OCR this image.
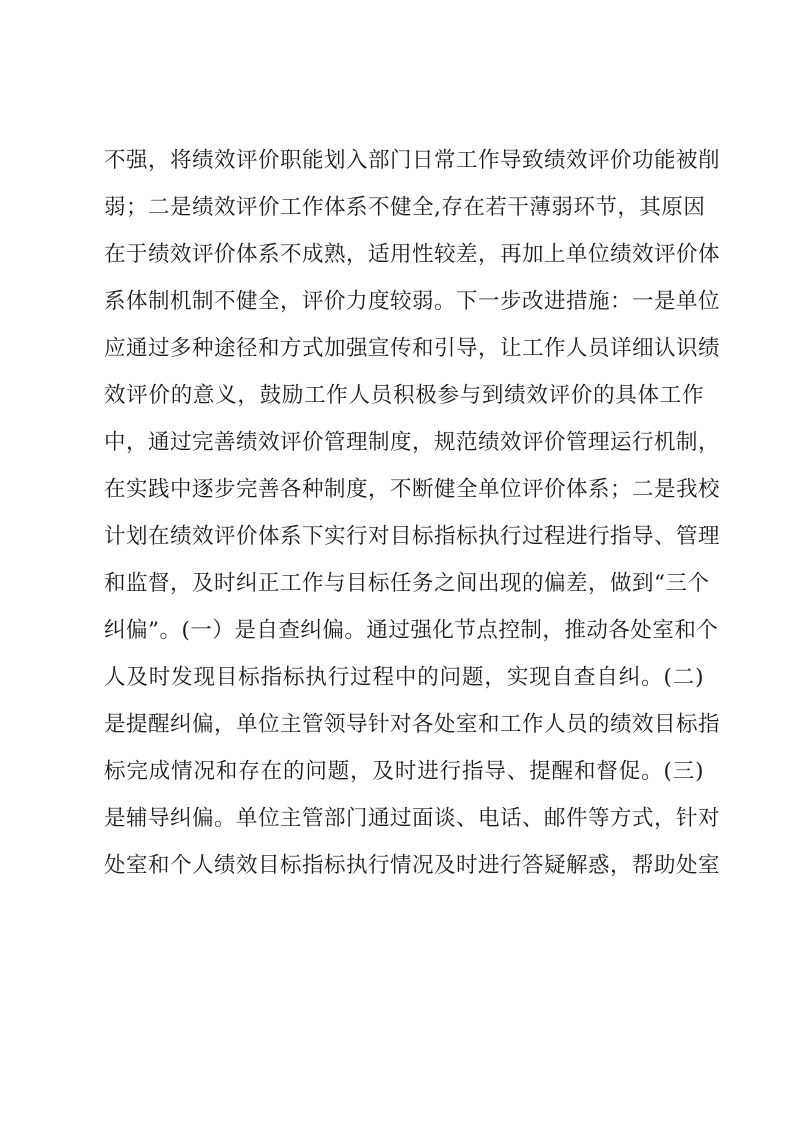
不强，将绩效评价职能划入部门日常工作导致绩效评价功能被削
弱；二是绩效评价工作体系不健全,存在若干薄弱环节，其原因
在于绩效评价体系不成熟，适用性较差，再加上单位绩效评价体
系体制机制不健全，评价力度较弱。下一步改进措施：一是单位
应通过多种途径和方式加强宣传和引导，让工作人员详细认识绩
效评价的意义，鼓励工作人员积极参与到绩效评价的具体工作
中，通过完善绩效评价管理制度，规范绩效评价管理运行机制，
在实践中逐步完善各种制度，不断健全单位评价体系；二是我校
计划在绩效评价体系下实行对目标指标执行过程进行指导、管理
和监督，及时纠正工作与目标任务之间出现的偏差，做到“三个
纠偏”。(一）是自查纠偏。通过强化节点控制，推动各处室和个
人及时发现目标指标执行过程中的问题，实现自查自纠。(二)
是提醒纠偏，单位主管领导针对各处室和工作人员的绩效目标指
标完成情况和存在的问题，及时进行指导、提醒和督促。(三)
是辅导纠偏。单位主管部门通过面谈、电话、邮件等方式，针对
处室和个人绩效目标指标执行情况及时进行答疑解惑，帮助处室
